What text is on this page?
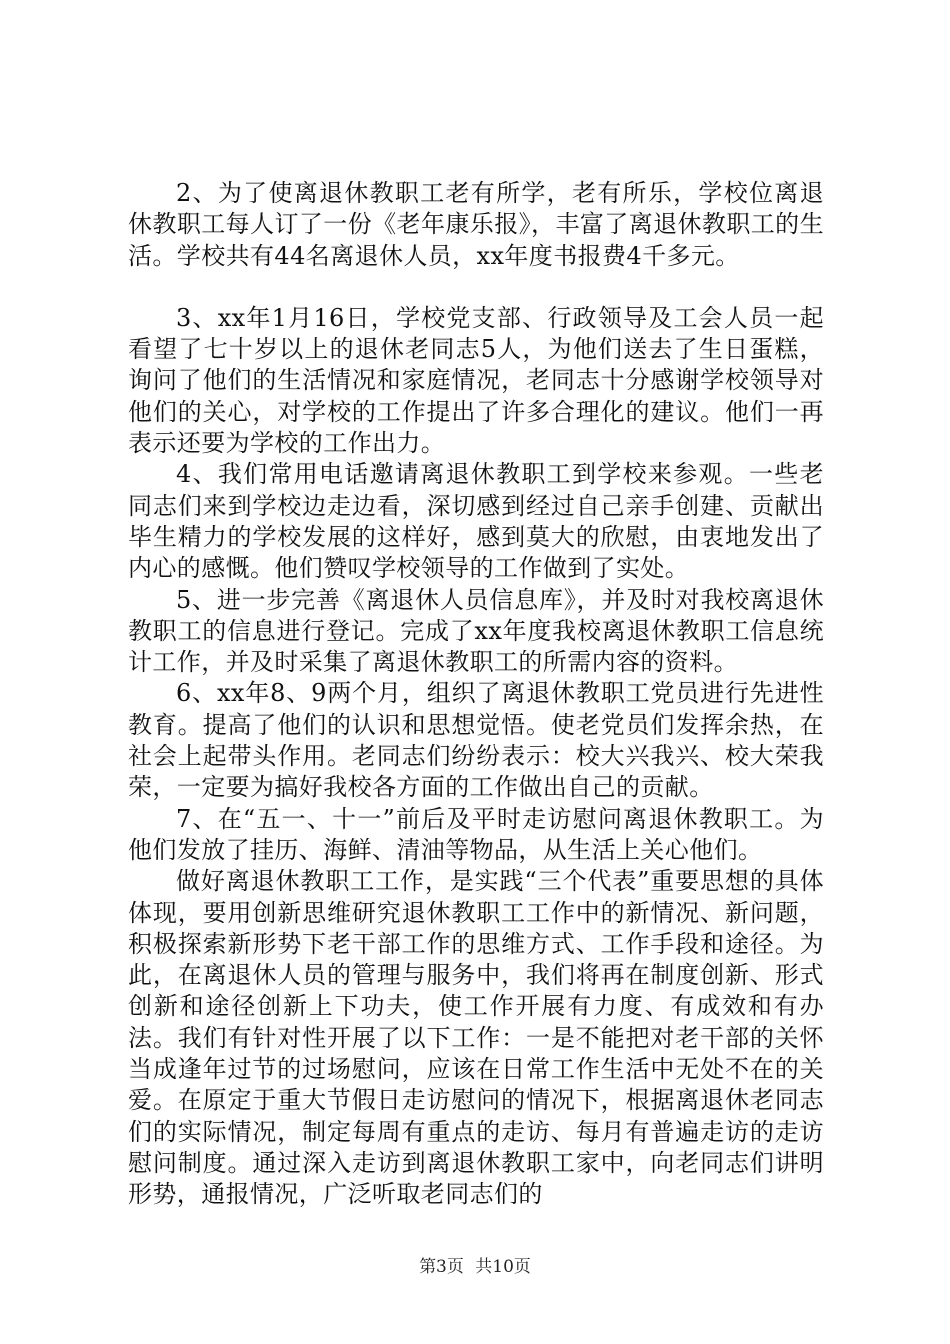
2、为了使离退休教职工老有所学，老有所乐，学校位离退休教职工每人订了一份《老年康乐报》，丰富了离退休教职工的生活。学校共有44名离退休人员，xx年度书报费4千多元。

3、xx年1月16日，学校党支部、行政领导及工会人员一起看望了七十岁以上的退休老同志5人，为他们送去了生日蛋糕，询问了他们的生活情况和家庭情况，老同志十分感谢学校领导对他们的关心，对学校的工作提出了许多合理化的建议。他们一再表示还要为学校的工作出力。

4、我们常用电话邀请离退休教职工到学校来参观。一些老同志们来到学校边走边看，深切感到经过自己亲手创建、贡献出毕生精力的学校发展的这样好，感到莫大的欣慰，由衷地发出了内心的感慨。他们赞叹学校领导的工作做到了实处。

5、进一步完善《离退休人员信息库》，并及时对我校离退休教职工的信息进行登记。完成了xx年度我校离退休教职工信息统计工作，并及时采集了离退休教职工的所需内容的资料。

6、xx年8、9两个月，组织了离退休教职工党员进行先进性教育。提高了他们的认识和思想觉悟。使老党员们发挥余热，在社会上起带头作用。老同志们纷纷表示：校大兴我兴、校大荣我荣，一定要为搞好我校各方面的工作做出自己的贡献。

7、在“五一、十一”前后及平时走访慰问离退休教职工。为他们发放了挂历、海鲜、清油等物品，从生活上关心他们。

做好离退休教职工工作，是实践“三个代表”重要思想的具体体现，要用创新思维研究退休教职工工作中的新情况、新问题，积极探索新形势下老干部工作的思维方式、工作手段和途径。为此，在离退休人员的管理与服务中，我们将再在制度创新、形式创新和途径创新上下功夫，使工作开展有力度、有成效和有办法。我们有针对性开展了以下工作：一是不能把对老干部的关怀当成逢年过节的过场慰问，应该在日常工作生活中无处不在的关爱。在原定于重大节假日走访慰问的情况下，根据离退休老同志们的实际情况，制定每周有重点的走访、每月有普遍走访的走访慰问制度。通过深入走访到离退休教职工家中，向老同志们讲明形势，通报情况，广泛听取老同志们的

第3页 共10页
